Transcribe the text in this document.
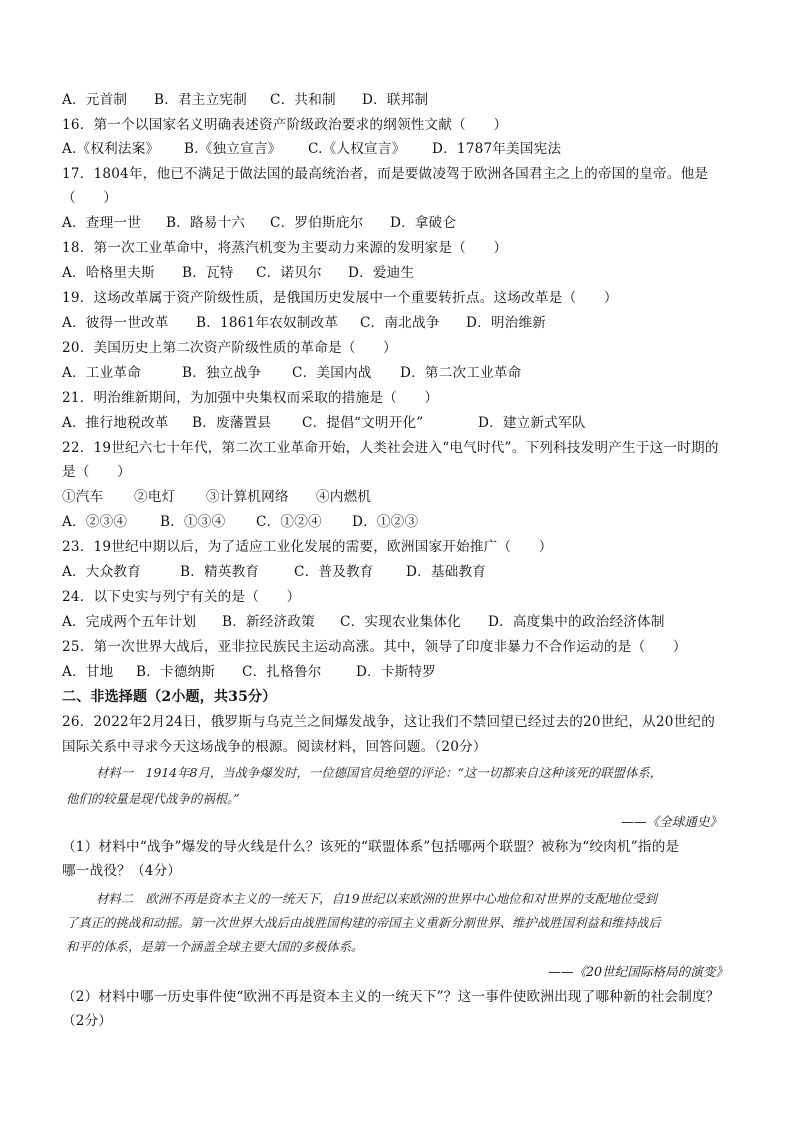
A．元首制	B．君主立宪制	C．共和制	D．联邦制
16．第一个以国家名义明确表述资产阶级政治要求的纲领性文献（　　）
A.《权利法案》	B.《独立宣言》	C.《人权宣言》	D．1787年美国宪法
17．1804年，他已不满足于做法国的最高统治者，而是要做凌驾于欧洲各国君主之上的帝国的皇帝。他是
（　　）
A．查理一世	B．路易十六	C．罗伯斯庇尔	D．拿破仑
18．第一次工业革命中，将蒸汽机变为主要动力来源的发明家是（　　）
A．哈格里夫斯	B．瓦特	C．诺贝尔	D．爱迪生
19．这场改革属于资产阶级性质，是俄国历史发展中一个重要转折点。这场改革是（　　）
A．彼得一世改革	B．1861年农奴制改革	C．南北战争	D．明治维新
20．美国历史上第二次资产阶级性质的革命是（　　）
A．工业革命	B．独立战争	C．美国内战	D．第二次工业革命
21．明治维新期间，为加强中央集权而采取的措施是（　　）
A．推行地税改革	B．废藩置县	C．提倡“文明开化”	D．建立新式军队
22．19世纪六七十年代，第二次工业革命开始，人类社会进入“电气时代”。下列科技发明产生于这一时期的
是（　　）
①汽车	②电灯	③计算机网络	④内燃机
A．②③④	B．①③④	C．①②④	D．①②③
23．19世纪中期以后，为了适应工业化发展的需要，欧洲国家开始推广（　　）
A．大众教育	B．精英教育	C．普及教育	D．基础教育
24．以下史实与列宁有关的是（　　）
A．完成两个五年计划	B．新经济政策	C．实现农业集体化	D．高度集中的政治经济体制
25．第一次世界大战后，亚非拉民族民主运动高涨。其中，领导了印度非暴力不合作运动的是（　　）
A．甘地	B．卡德纳斯	C．扎格鲁尔	D．卡斯特罗
二、非选择题（2小题，共35分）
26．2022年2月24日，俄罗斯与乌克兰之间爆发战争，这让我们不禁回望已经过去的20世纪，从20世纪的
国际关系中寻求今天这场战争的根源。阅读材料，回答问题。（20分）
材料一　1914年8月，当战争爆发时，一位德国官员绝望的评论：“这一切都来自这种该死的联盟体系，
他们的较量是现代战争的祸根。”
——《全球通史》
（1）材料中“战争”爆发的导火线是什么？该死的“联盟体系”包括哪两个联盟？被称为“绞肉机”指的是
哪一战役？（4分）
材料二　欧洲不再是资本主义的一统天下，自19世纪以来欧洲的世界中心地位和对世界的支配地位受到
了真正的挑战和动摇。第一次世界大战后由战胜国构建的帝国主义重新分割世界、维护战胜国利益和维持战后
和平的体系，是第一个涵盖全球主要大国的多极体系。
——《20世纪国际格局的演变》
（2）材料中哪一历史事件使“欧洲不再是资本主义的一统天下”？这一事件使欧洲出现了哪种新的社会制度？
（2分）
